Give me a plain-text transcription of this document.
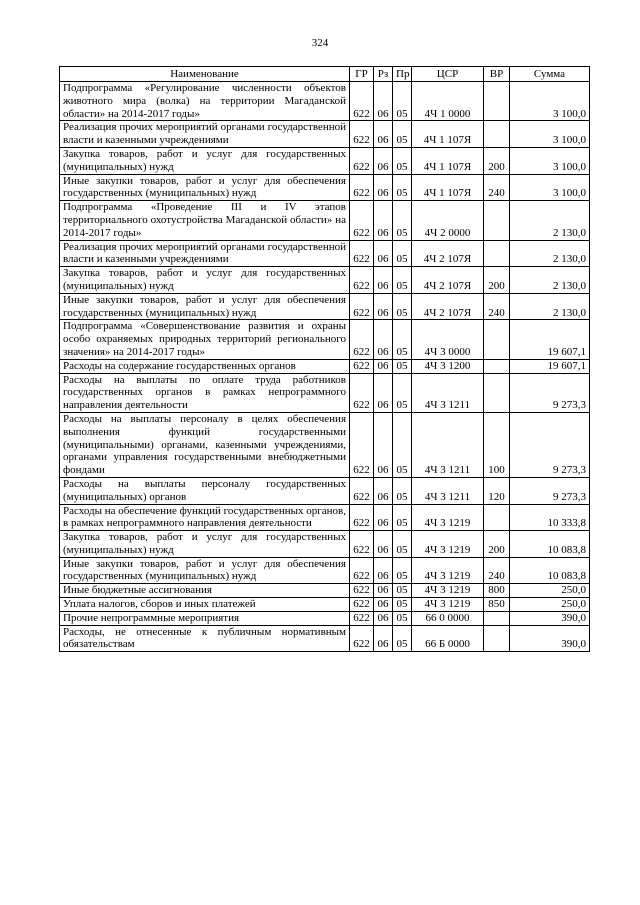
324
Наименование	ГР	Рз	Пр	ЦСР	ВР	Сумма
Подпрограмма «Регулирование численности объектов животного мира (волка) на территории Магаданской области» на 2014-2017 годы»	622	06	05	4Ч 1 0000		3 100,0
Реализация прочих мероприятий органами государственной власти и казенными учреждениями	622	06	05	4Ч 1 107Я		3 100,0
Закупка товаров, работ и услуг для государственных (муниципальных) нужд	622	06	05	4Ч 1 107Я	200	3 100,0
Иные закупки товаров, работ и услуг для обеспечения государственных (муниципальных) нужд	622	06	05	4Ч 1 107Я	240	3 100,0
Подпрограмма «Проведение III и IV этапов территориального охотустройства Магаданской области» на 2014-2017 годы»	622	06	05	4Ч 2 0000		2 130,0
Реализация прочих мероприятий органами государственной власти и казенными учреждениями	622	06	05	4Ч 2 107Я		2 130,0
Закупка товаров, работ и услуг для государственных (муниципальных) нужд	622	06	05	4Ч 2 107Я	200	2 130,0
Иные закупки товаров, работ и услуг для обеспечения государственных (муниципальных) нужд	622	06	05	4Ч 2 107Я	240	2 130,0
Подпрограмма «Совершенствование развития и охраны особо охраняемых природных территорий регионального значения» на 2014-2017 годы»	622	06	05	4Ч 3 0000		19 607,1
Расходы на содержание государственных органов	622	06	05	4Ч 3 1200		19 607,1
Расходы на выплаты по оплате труда работников государственных органов в рамках непрограммного направления деятельности	622	06	05	4Ч 3 1211		9 273,3
Расходы на выплаты персоналу в целях обеспечения выполнения функций государственными (муниципальными) органами, казенными учреждениями, органами управления государственными внебюджетными фондами	622	06	05	4Ч 3 1211	100	9 273,3
Расходы на выплаты персоналу государственных (муниципальных) органов	622	06	05	4Ч 3 1211	120	9 273,3
Расходы на обеспечение функций государственных органов, в рамках непрограммного направления деятельности	622	06	05	4Ч 3 1219		10 333,8
Закупка товаров, работ и услуг для государственных (муниципальных) нужд	622	06	05	4Ч 3 1219	200	10 083,8
Иные закупки товаров, работ и услуг для обеспечения государственных (муниципальных) нужд	622	06	05	4Ч 3 1219	240	10 083,8
Иные бюджетные ассигнования	622	06	05	4Ч 3 1219	800	250,0
Уплата налогов, сборов и иных платежей	622	06	05	4Ч 3 1219	850	250,0
Прочие непрограммные мероприятия	622	06	05	66 0 0000		390,0
Расходы, не отнесенные к публичным нормативным обязательствам	622	06	05	66 Б 0000		390,0
